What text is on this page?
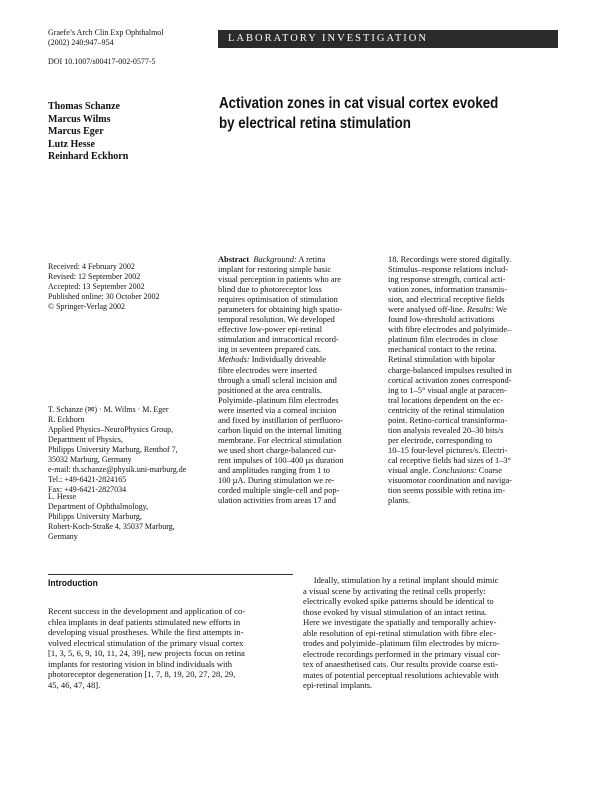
Graefe’s Arch Clin Exp Ophthalmol
(2002) 240:947–954	LABORATORY INVESTIGATION
DOI 10.1007/s00417-002-0577-5
Thomas Schanze
Marcus Wilms
Marcus Eger
Lutz Hesse
Reinhard Eckhorn
Activation zones in cat visual cortex evoked
by electrical retina stimulation
Received: 4 February 2002
Revised: 12 September 2002
Accepted: 13 September 2002
Published online: 30 October 2002
© Springer-Verlag 2002
T. Schanze (✉) · M. Wilms · M. Eger
R. Eckhorn
Applied Physics–NeuroPhysics Group,
Department of Physics,
Philipps University Marburg, Renthof 7,
35032 Marburg, Germany
e-mail: th.schanze@physik.uni-marburg.de
Tel.: +49-6421-2824165
Fax: +49-6421-2827034
L. Hesse
Department of Ophthalmology,
Philipps University Marburg,
Robert-Koch-Straße 4, 35037 Marburg,
Germany
Abstract Background: A retina
implant for restoring simple basic
visual perception in patients who are
blind due to photoreceptor loss
requires optimisation of stimulation
parameters for obtaining high spatio-
temporal resolution. We developed
effective low-power epi-retinal
stimulation and intracortical record-
ing in seventeen prepared cats.
Methods: Individually driveable
fibre electrodes were inserted
through a small scleral incision and
positioned at the area centralis.
Polyimide–platinum film electrodes
were inserted via a corneal incision
and fixed by instillation of perfluoro-
carbon liquid on the internal limiting
membrane. For electrical stimulation
we used short charge-balanced cur-
rent impulses of 100–400 µs duration
and amplitudes ranging from 1 to
100 µA. During stimulation we re-
corded multiple single-cell and pop-
ulation activities from areas 17 and
18. Recordings were stored digitally.
Stimulus–response relations includ-
ing response strength, cortical acti-
vation zones, information transmis-
sion, and electrical receptive fields
were analysed off-line. Results: We
found low-threshold activations
with fibre electrodes and polyimide–
platinum film electrodes in close
mechanical contact to the retina.
Retinal stimulation with bipolar
charge-balanced impulses resulted in
cortical activation zones correspond-
ing to 1–5° visual angle at paracen-
tral locations dependent on the ec-
centricity of the retinal stimulation
point. Retino-cortical transinforma-
tion analysis revealed 20–30 bits/s
per electrode, corresponding to
10–15 four-level pictures/s. Electri-
cal receptive fields had sizes of 1–3°
visual angle. Conclusions: Coarse
visuomotor coordination and naviga-
tion seems possible with retina im-
plants.
Introduction
Recent success in the development and application of co-
chlea implants in deaf patients stimulated new efforts in
developing visual prostheses. While the first attempts in-
volved electrical stimulation of the primary visual cortex
[1, 3, 5, 6, 9, 10, 11, 24, 39], new projects focus on retina
implants for restoring vision in blind individuals with
photoreceptor degeneration [1, 7, 8, 19, 20, 27, 28, 29,
45, 46, 47, 48].
Ideally, stimulation by a retinal implant should mimic
a visual scene by activating the retinal cells properly:
electrically evoked spike patterns should be identical to
those evoked by visual stimulation of an intact retina.
Here we investigate the spatially and temporally achiev-
able resolution of epi-retinal stimulation with fibre elec-
trodes and polyimide–platinum film electrodes by micro-
electrode recordings performed in the primary visual cor-
tex of anaesthetised cats. Our results provide coarse esti-
mates of potential perceptual resolutions achievable with
epi-retinal implants.
